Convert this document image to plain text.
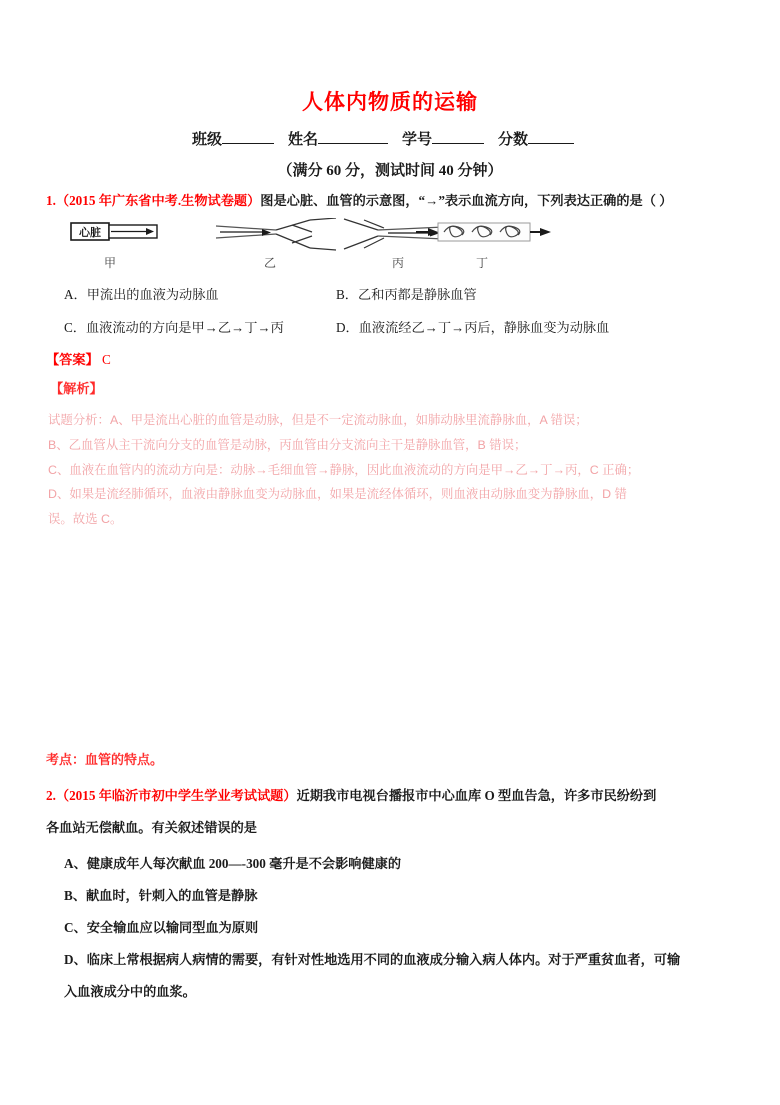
人体内物质的运输
班级	姓名	学号	分数
（满分 60 分，测试时间 40 分钟）
1.（2015 年广东省中考.生物试卷题）图是心脏、血管的示意图，“→”表示血流方向，下列表达正确的是（ ）
心脏
甲	乙	丙	丁
A．甲流出的血液为动脉血	B．乙和丙都是静脉血管
C．血液流动的方向是甲→乙→丁→丙	D．血液流经乙→丁→丙后，静脉血变为动脉血
【答案】 C
【解析】

试题分析：A、甲是流出心脏的血管是动脉，但是不一定流动脉血，如肺动脉里流静脉血，A 错误；

B、乙血管从主干流向分支的血管是动脉，丙血管由分支流向主干是静脉血管，B 错误；

C、血液在血管内的流动方向是：动脉→毛细血管→静脉，因此血液流动的方向是甲→乙→丁→丙，C 正确；

D、如果是流经肺循环，血液由静脉血变为动脉血，如果是流经体循环，则血液由动脉血变为静脉血，D 错

误。故选 C。

考点：血管的特点。
2.（2015 年临沂市初中学生学业考试试题）近期我市电视台播报市中心血库 O 型血告急，许多市民纷纷到
各血站无偿献血。有关叙述错误的是
A、健康成年人每次献血 200—-300 毫升是不会影响健康的
B、献血时，针刺入的血管是静脉
C、安全输血应以输同型血为原则
D、临床上常根据病人病情的需要，有针对性地选用不同的血液成分输入病人体内。对于严重贫血者，可输
入血液成分中的血浆。
